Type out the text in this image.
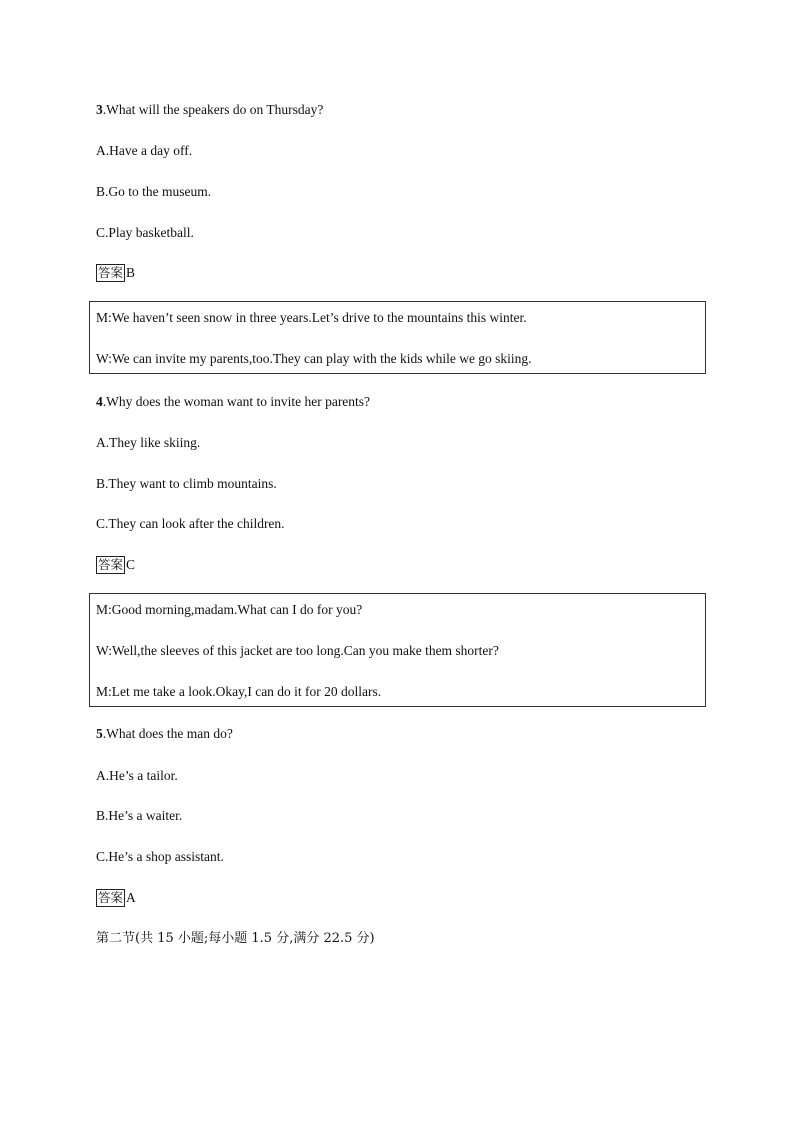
3.What will the speakers do on Thursday?
A.Have a day off.
B.Go to the museum.
C.Play basketball.
答案 B
M:We haven’t seen snow in three years.Let’s drive to the mountains this winter.
W:We can invite my parents,too.They can play with the kids while we go skiing.
4.Why does the woman want to invite her parents?
A.They like skiing.
B.They want to climb mountains.
C.They can look after the children.
答案 C
M:Good morning,madam.What can I do for you?
W:Well,the sleeves of this jacket are too long.Can you make them shorter?
M:Let me take a look.Okay,I can do it for 20 dollars.
5.What does the man do?
A.He’s a tailor.
B.He’s a waiter.
C.He’s a shop assistant.
答案 A
第二节(共 15 小题;每小题 1.5 分,满分 22.5 分)
